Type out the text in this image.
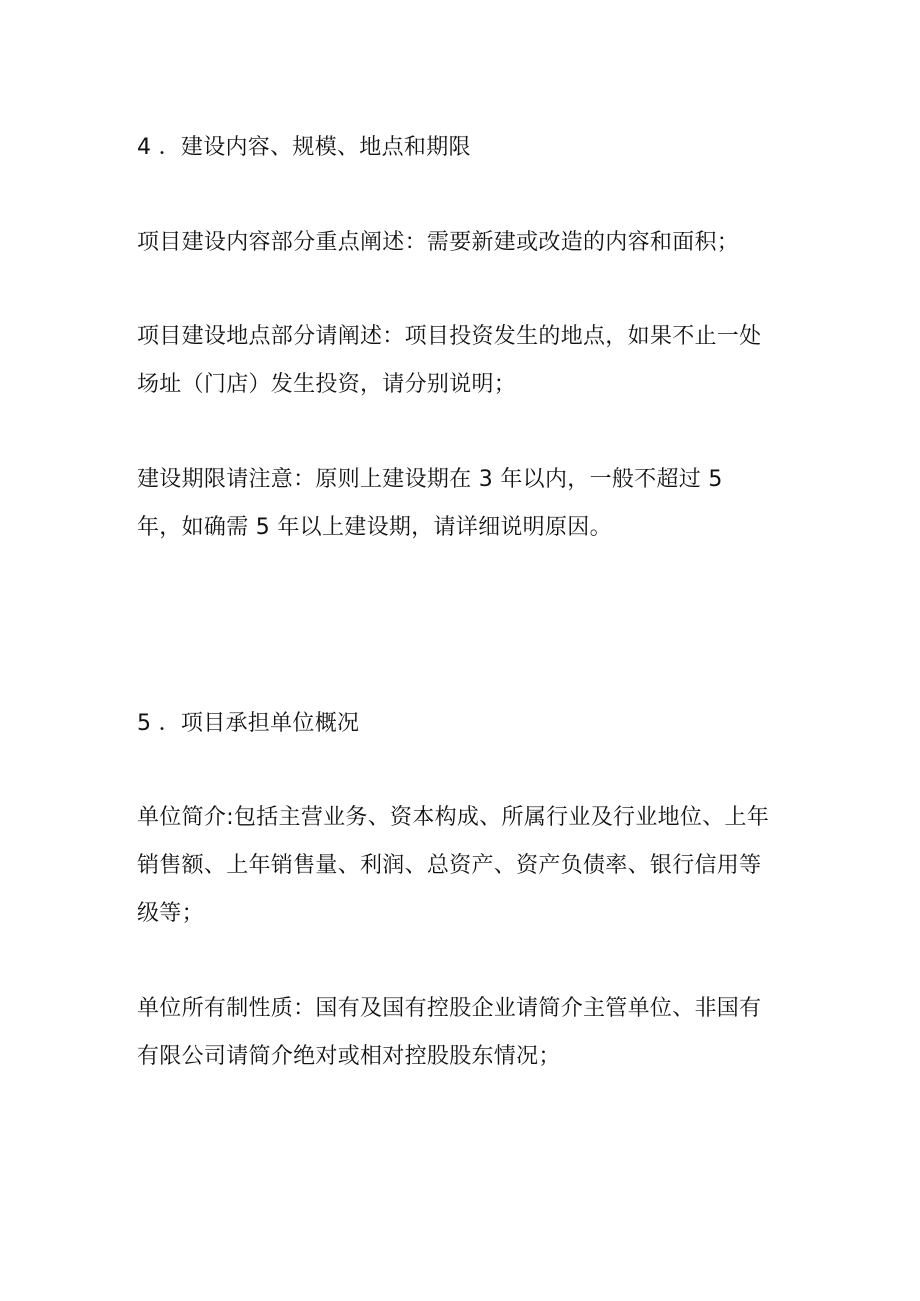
4 ．建设内容、规模、地点和期限
项目建设内容部分重点阐述：需要新建或改造的内容和面积；
项目建设地点部分请阐述：项目投资发生的地点，如果不止一处
场址（门店）发生投资，请分别说明；
建设期限请注意：原则上建设期在 3 年以内，一般不超过 5
年，如确需 5 年以上建设期，请详细说明原因。
5 ．项目承担单位概况
单位简介:包括主营业务、资本构成、所属行业及行业地位、上年
销售额、上年销售量、利润、总资产、资产负债率、银行信用等
级等；
单位所有制性质：国有及国有控股企业请简介主管单位、非国有
有限公司请简介绝对或相对控股股东情况；
